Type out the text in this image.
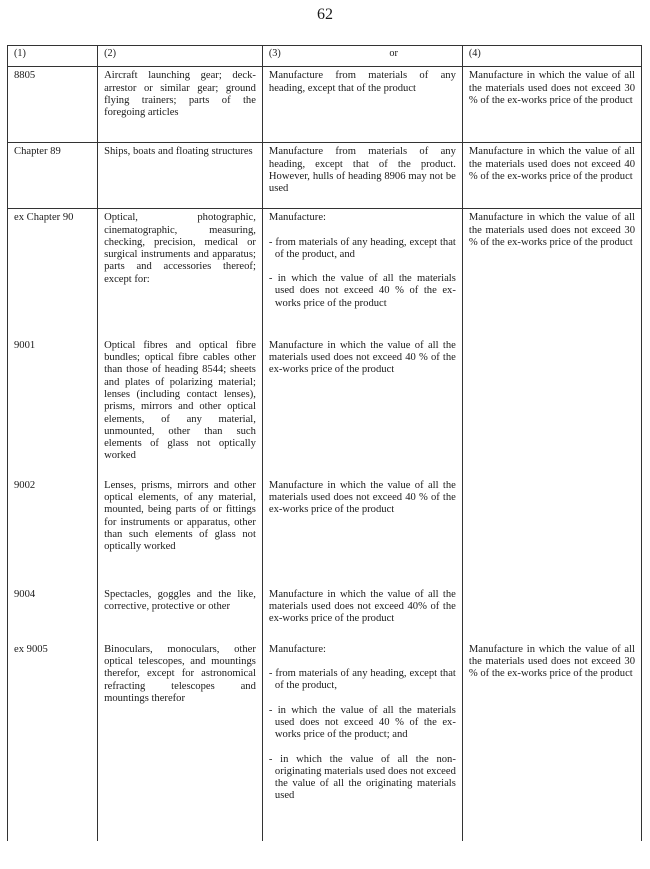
62
(1)	(2)	(3) or	(4)
8805	Aircraft launching gear; deck-arrestor or similar gear; ground flying trainers; parts of the foregoing articles	Manufacture from materials of any heading, except that of the product	Manufacture in which the value of all the materials used does not exceed 30 % of the ex-works price of the product
Chapter 89	Ships, boats and floating structures	Manufacture from materials of any heading, except that of the product. However, hulls of heading 8906 may not be used	Manufacture in which the value of all the materials used does not exceed 40 % of the ex-works price of the product
ex Chapter 90	Optical, photographic, cinematographic, measuring, checking, precision, medical or surgical instruments and apparatus; parts and accessories thereof; except for:	Manufacture:
- from materials of any heading, except that of the product, and
- in which the value of all the materials used does not exceed 40 % of the ex-works price of the product	Manufacture in which the value of all the materials used does not exceed 30 % of the ex-works price of the product
9001	Optical fibres and optical fibre bundles; optical fibre cables other than those of heading 8544; sheets and plates of polarizing material; lenses (including contact lenses), prisms, mirrors and other optical elements, of any material, unmounted, other than such elements of glass not optically worked	Manufacture in which the value of all the materials used does not exceed 40 % of the ex-works price of the product	

9002	Lenses, prisms, mirrors and other optical elements, of any material, mounted, being parts of or fittings for instruments or apparatus, other than such elements of glass not optically worked	Manufacture in which the value of all the materials used does not exceed 40 % of the ex-works price of the product	

9004	Spectacles, goggles and the like, corrective, protective or other	Manufacture in which the value of all the materials used does not exceed 40% of the ex-works price of the product	

ex 9005	Binoculars, monoculars, other optical telescopes, and mountings therefor, except for astronomical refracting telescopes and mountings therefor	Manufacture:
- from materials of any heading, except that of the product,
- in which the value of all the materials used does not exceed 40 % of the ex-works price of the product; and
- in which the value of all the non-originating materials used does not exceed the value of all the originating materials used	Manufacture in which the value of all the materials used does not exceed 30 % of the ex-works price of the product
